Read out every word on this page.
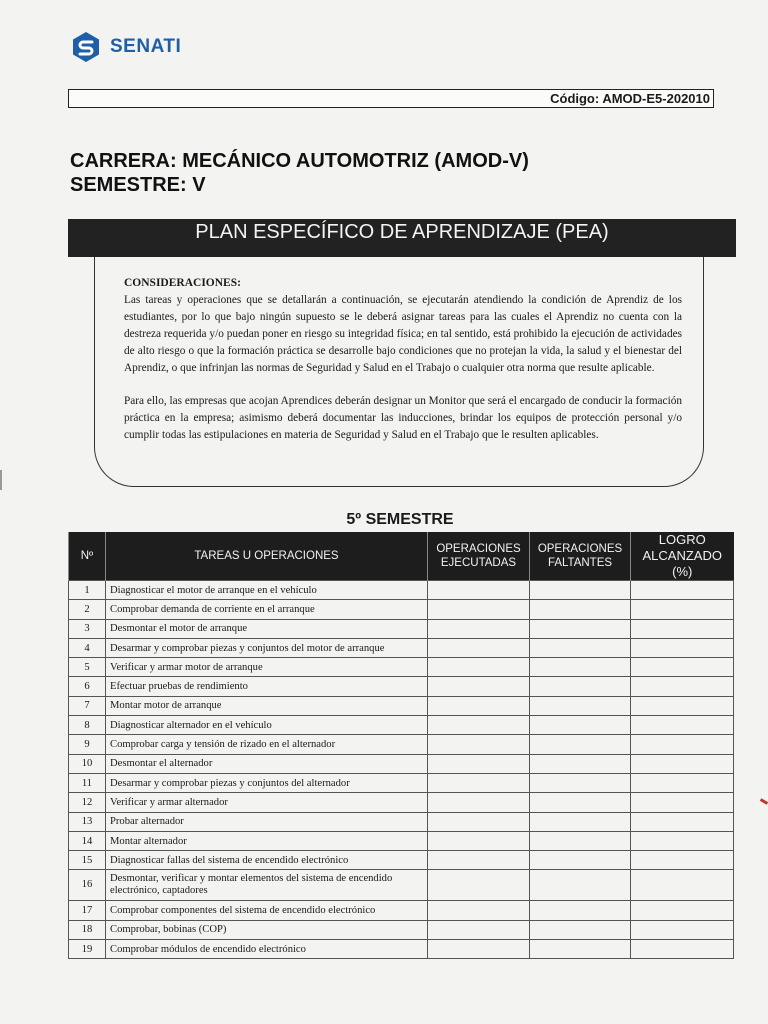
SENATI
Código: AMOD-E5-202010
CARRERA: MECÁNICO AUTOMOTRIZ (AMOD-V)
SEMESTRE: V
PLAN ESPECÍFICO DE APRENDIZAJE (PEA)

CONSIDERACIONES:

Las tareas y operaciones que se detallarán a continuación, se ejecutarán atendiendo la condición de Aprendiz de los estudiantes, por lo que bajo ningún supuesto se le deberá asignar tareas para las cuales el Aprendiz no cuenta con la destreza requerida y/o puedan poner en riesgo su integridad física; en tal sentido, está prohibido la ejecución de actividades de alto riesgo o que la formación práctica se desarrolle bajo condiciones que no protejan la vida, la salud y el bienestar del Aprendiz, o que infrinjan las normas de Seguridad y Salud en el Trabajo o cualquier otra norma que resulte aplicable.

Para ello, las empresas que acojan Aprendices deberán designar un Monitor que será el encargado de conducir la formación práctica en la empresa; asimismo deberá documentar las inducciones, brindar los equipos de protección personal y/o cumplir todas las estipulaciones en materia de Seguridad y Salud en el Trabajo que le resulten aplicables.

5º SEMESTRE
Nº	TAREAS U OPERACIONES	OPERACIONES EJECUTADAS	OPERACIONES FALTANTES	LOGRO ALCANZADO (%)
1	Diagnosticar el motor de arranque en el vehículo			
2	Comprobar demanda de corriente en el arranque			
3	Desmontar el motor de arranque			
4	Desarmar y comprobar piezas y conjuntos del motor de arranque			
5	Verificar y armar motor de arranque			
6	Efectuar pruebas de rendimiento			
7	Montar motor de arranque			
8	Diagnosticar alternador en el vehículo			
9	Comprobar carga y tensión de rizado en el alternador			
10	Desmontar el alternador			
11	Desarmar y comprobar piezas y conjuntos del alternador			
12	Verificar y armar alternador			
13	Probar alternador			
14	Montar alternador			
15	Diagnosticar fallas del sistema de encendido electrónico			
16	Desmontar, verificar y montar elementos del sistema de encendido electrónico, captadores			
17	Comprobar componentes del sistema de encendido electrónico			
18	Comprobar, bobinas (COP)			
19	Comprobar módulos de encendido electrónico			
